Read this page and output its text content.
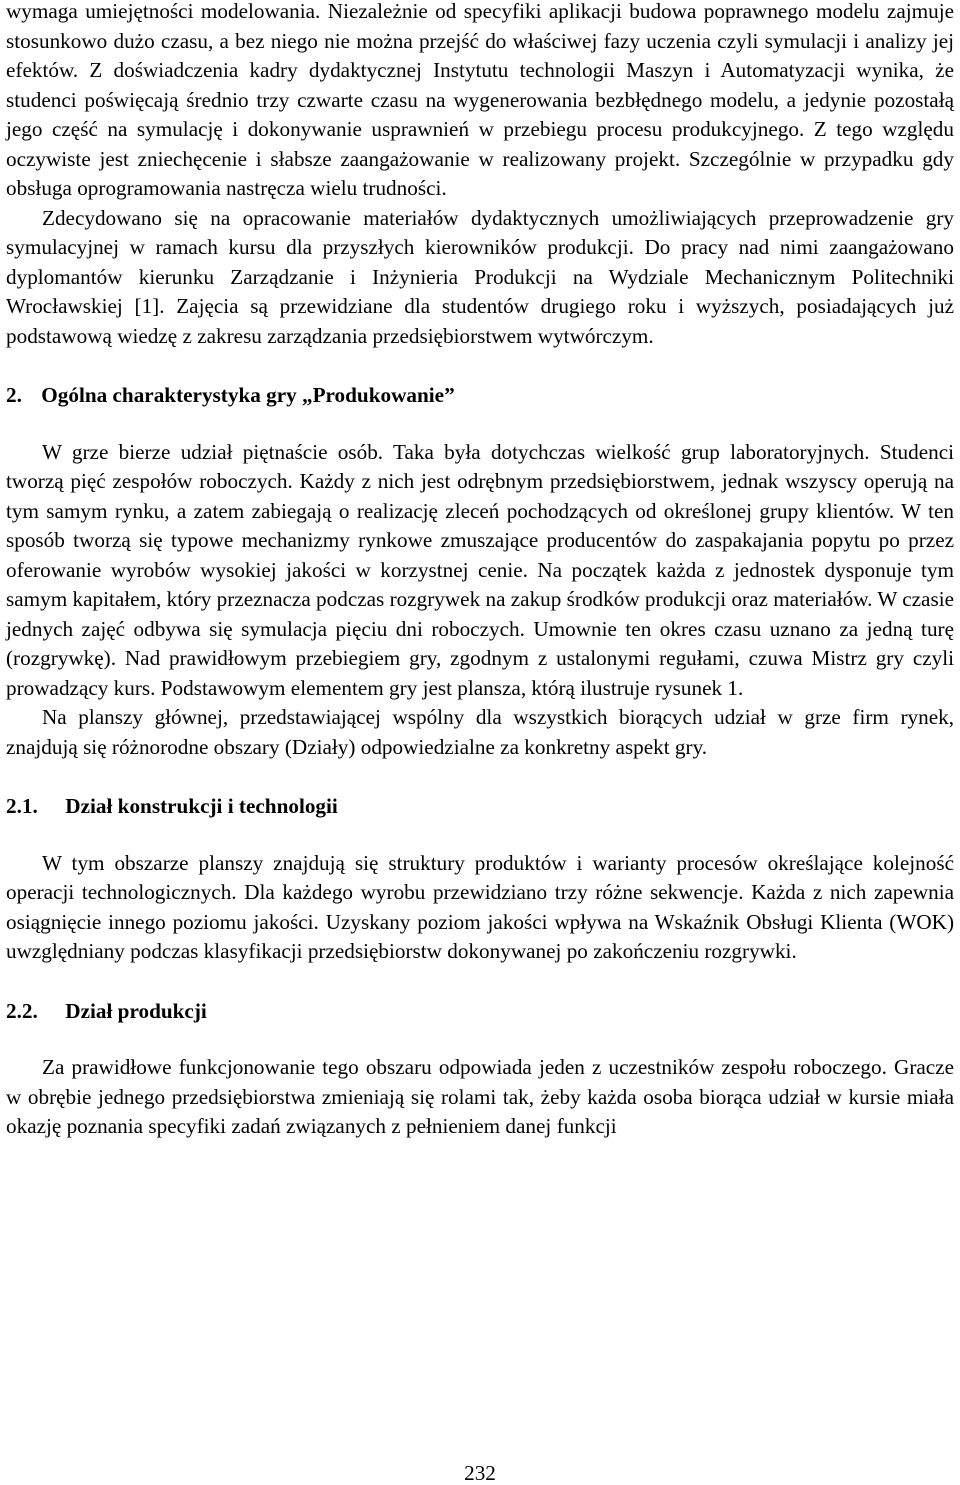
wymaga umiejętności modelowania. Niezależnie od specyfiki aplikacji budowa poprawnego modelu zajmuje stosunkowo dużo czasu, a bez niego nie można przejść do właściwej fazy uczenia czyli symulacji i analizy jej efektów. Z doświadczenia kadry dydaktycznej Instytutu technologii Maszyn i Automatyzacji wynika, że studenci poświęcają średnio trzy czwarte czasu na wygenerowania bezbłędnego modelu, a jedynie pozostałą jego część na symulację i dokonywanie usprawnień w przebiegu procesu produkcyjnego. Z tego względu oczywiste jest zniechęcenie i słabsze zaangażowanie w realizowany projekt. Szczególnie w przypadku gdy obsługa oprogramowania nastręcza wielu trudności.

Zdecydowano się na opracowanie materiałów dydaktycznych umożliwiających przeprowadzenie gry symulacyjnej w ramach kursu dla przyszłych kierowników produkcji. Do pracy nad nimi zaangażowano dyplomantów kierunku Zarządzanie i Inżynieria Produkcji na Wydziale Mechanicznym Politechniki Wrocławskiej [1]. Zajęcia są przewidziane dla studentów drugiego roku i wyższych, posiadających już podstawową wiedzę z zakresu zarządzania przedsiębiorstwem wytwórczym.

2. Ogólna charakterystyka gry „Produkowanie”

W grze bierze udział piętnaście osób. Taka była dotychczas wielkość grup laboratoryjnych. Studenci tworzą pięć zespołów roboczych. Każdy z nich jest odrębnym przedsiębiorstwem, jednak wszyscy operują na tym samym rynku, a zatem zabiegają o realizację zleceń pochodzących od określonej grupy klientów. W ten sposób tworzą się typowe mechanizmy rynkowe zmuszające producentów do zaspakajania popytu po przez oferowanie wyrobów wysokiej jakości w korzystnej cenie. Na początek każda z jednostek dysponuje tym samym kapitałem, który przeznacza podczas rozgrywek na zakup środków produkcji oraz materiałów. W czasie jednych zajęć odbywa się symulacja pięciu dni roboczych. Umownie ten okres czasu uznano za jedną turę (rozgrywkę). Nad prawidłowym przebiegiem gry, zgodnym z ustalonymi regułami, czuwa Mistrz gry czyli prowadzący kurs. Podstawowym elementem gry jest plansza, którą ilustruje rysunek 1.

Na planszy głównej, przedstawiającej wspólny dla wszystkich biorących udział w grze firm rynek, znajdują się różnorodne obszary (Działy) odpowiedzialne za konkretny aspekt gry.

2.1. Dział konstrukcji i technologii

W tym obszarze planszy znajdują się struktury produktów i warianty procesów określające kolejność operacji technologicznych. Dla każdego wyrobu przewidziano trzy różne sekwencje. Każda z nich zapewnia osiągnięcie innego poziomu jakości. Uzyskany poziom jakości wpływa na Wskaźnik Obsługi Klienta (WOK) uwzględniany podczas klasyfikacji przedsiębiorstw dokonywanej po zakończeniu rozgrywki.

2.2. Dział produkcji

Za prawidłowe funkcjonowanie tego obszaru odpowiada jeden z uczestników zespołu roboczego. Gracze w obrębie jednego przedsiębiorstwa zmieniają się rolami tak, żeby każda osoba biorąca udział w kursie miała okazję poznania specyfiki zadań związanych z pełnieniem danej funkcji

232
